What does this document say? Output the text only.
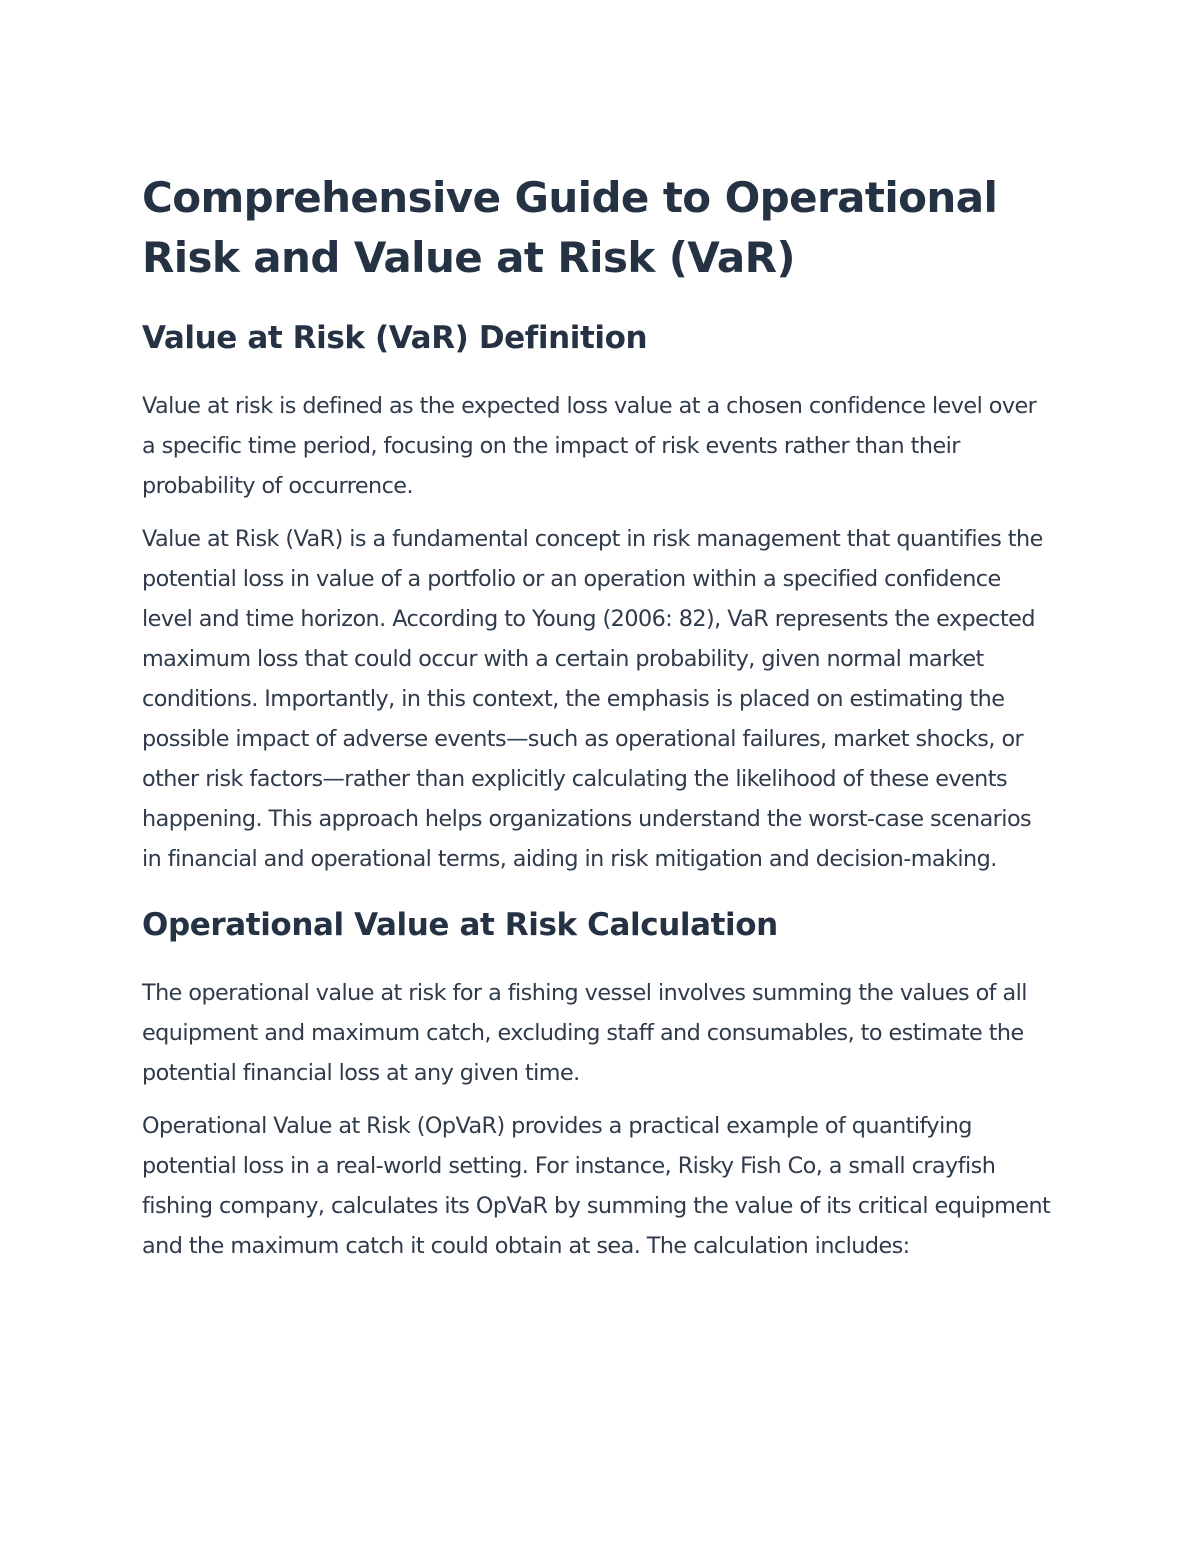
Comprehensive Guide to Operational Risk and Value at Risk (VaR)
Value at Risk (VaR) Definition

Value at risk is defined as the expected loss value at a chosen confidence level over a specific time period, focusing on the impact of risk events rather than their probability of occurrence.

Value at Risk (VaR) is a fundamental concept in risk management that quantifies the potential loss in value of a portfolio or an operation within a specified confidence level and time horizon. According to Young (2006: 82), VaR represents the expected maximum loss that could occur with a certain probability, given normal market conditions. Importantly, in this context, the emphasis is placed on estimating the possible impact of adverse events—such as operational failures, market shocks, or other risk factors—rather than explicitly calculating the likelihood of these events happening. This approach helps organizations understand the worst-case scenarios in financial and operational terms, aiding in risk mitigation and decision-making.

Operational Value at Risk Calculation

The operational value at risk for a fishing vessel involves summing the values of all equipment and maximum catch, excluding staff and consumables, to estimate the potential financial loss at any given time.

Operational Value at Risk (OpVaR) provides a practical example of quantifying potential loss in a real-world setting. For instance, Risky Fish Co, a small crayfish fishing company, calculates its OpVaR by summing the value of its critical equipment and the maximum catch it could obtain at sea. The calculation includes:
